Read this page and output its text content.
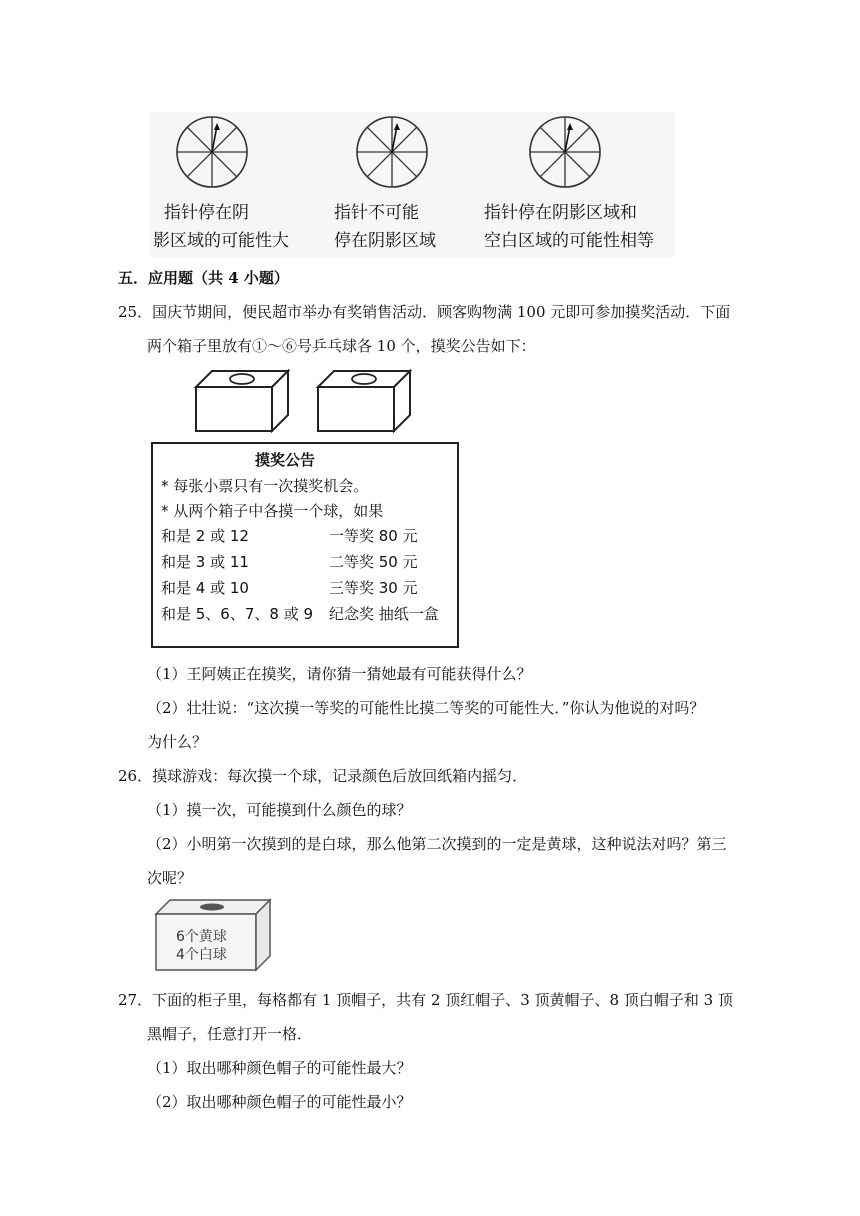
指针停在阴
影区域的可能性大
指针不可能
停在阴影区域
指针停在阴影区域和
空白区域的可能性相等
五．应用题（共 4 小题）
25．国庆节期间，便民超市举办有奖销售活动．顾客购物满 100 元即可参加摸奖活动．下面
两个箱子里放有①～⑥号乒乓球各 10 个，摸奖公告如下：
摸奖公告
* 每张小票只有一次摸奖机会。
* 从两个箱子中各摸一个球，如果
和是 2 或 12	一等奖 80 元
和是 3 或 11	二等奖 50 元
和是 4 或 10	三等奖 30 元
和是 5、6、7、8 或 9 纪念奖 抽纸一盒
（1）王阿姨正在摸奖，请你猜一猜她最有可能获得什么？
（2）壮壮说：“这次摸一等奖的可能性比摸二等奖的可能性大．”你认为他说的对吗？
为什么？
26．摸球游戏：每次摸一个球，记录颜色后放回纸箱内摇匀．
（1）摸一次，可能摸到什么颜色的球？
（2）小明第一次摸到的是白球，那么他第二次摸到的一定是黄球，这种说法对吗？第三
次呢？
6个黄球
4个白球
27．下面的柜子里，每格都有 1 顶帽子，共有 2 顶红帽子、3 顶黄帽子、8 顶白帽子和 3 顶
黑帽子，任意打开一格．
（1）取出哪种颜色帽子的可能性最大？
（2）取出哪种颜色帽子的可能性最小？
